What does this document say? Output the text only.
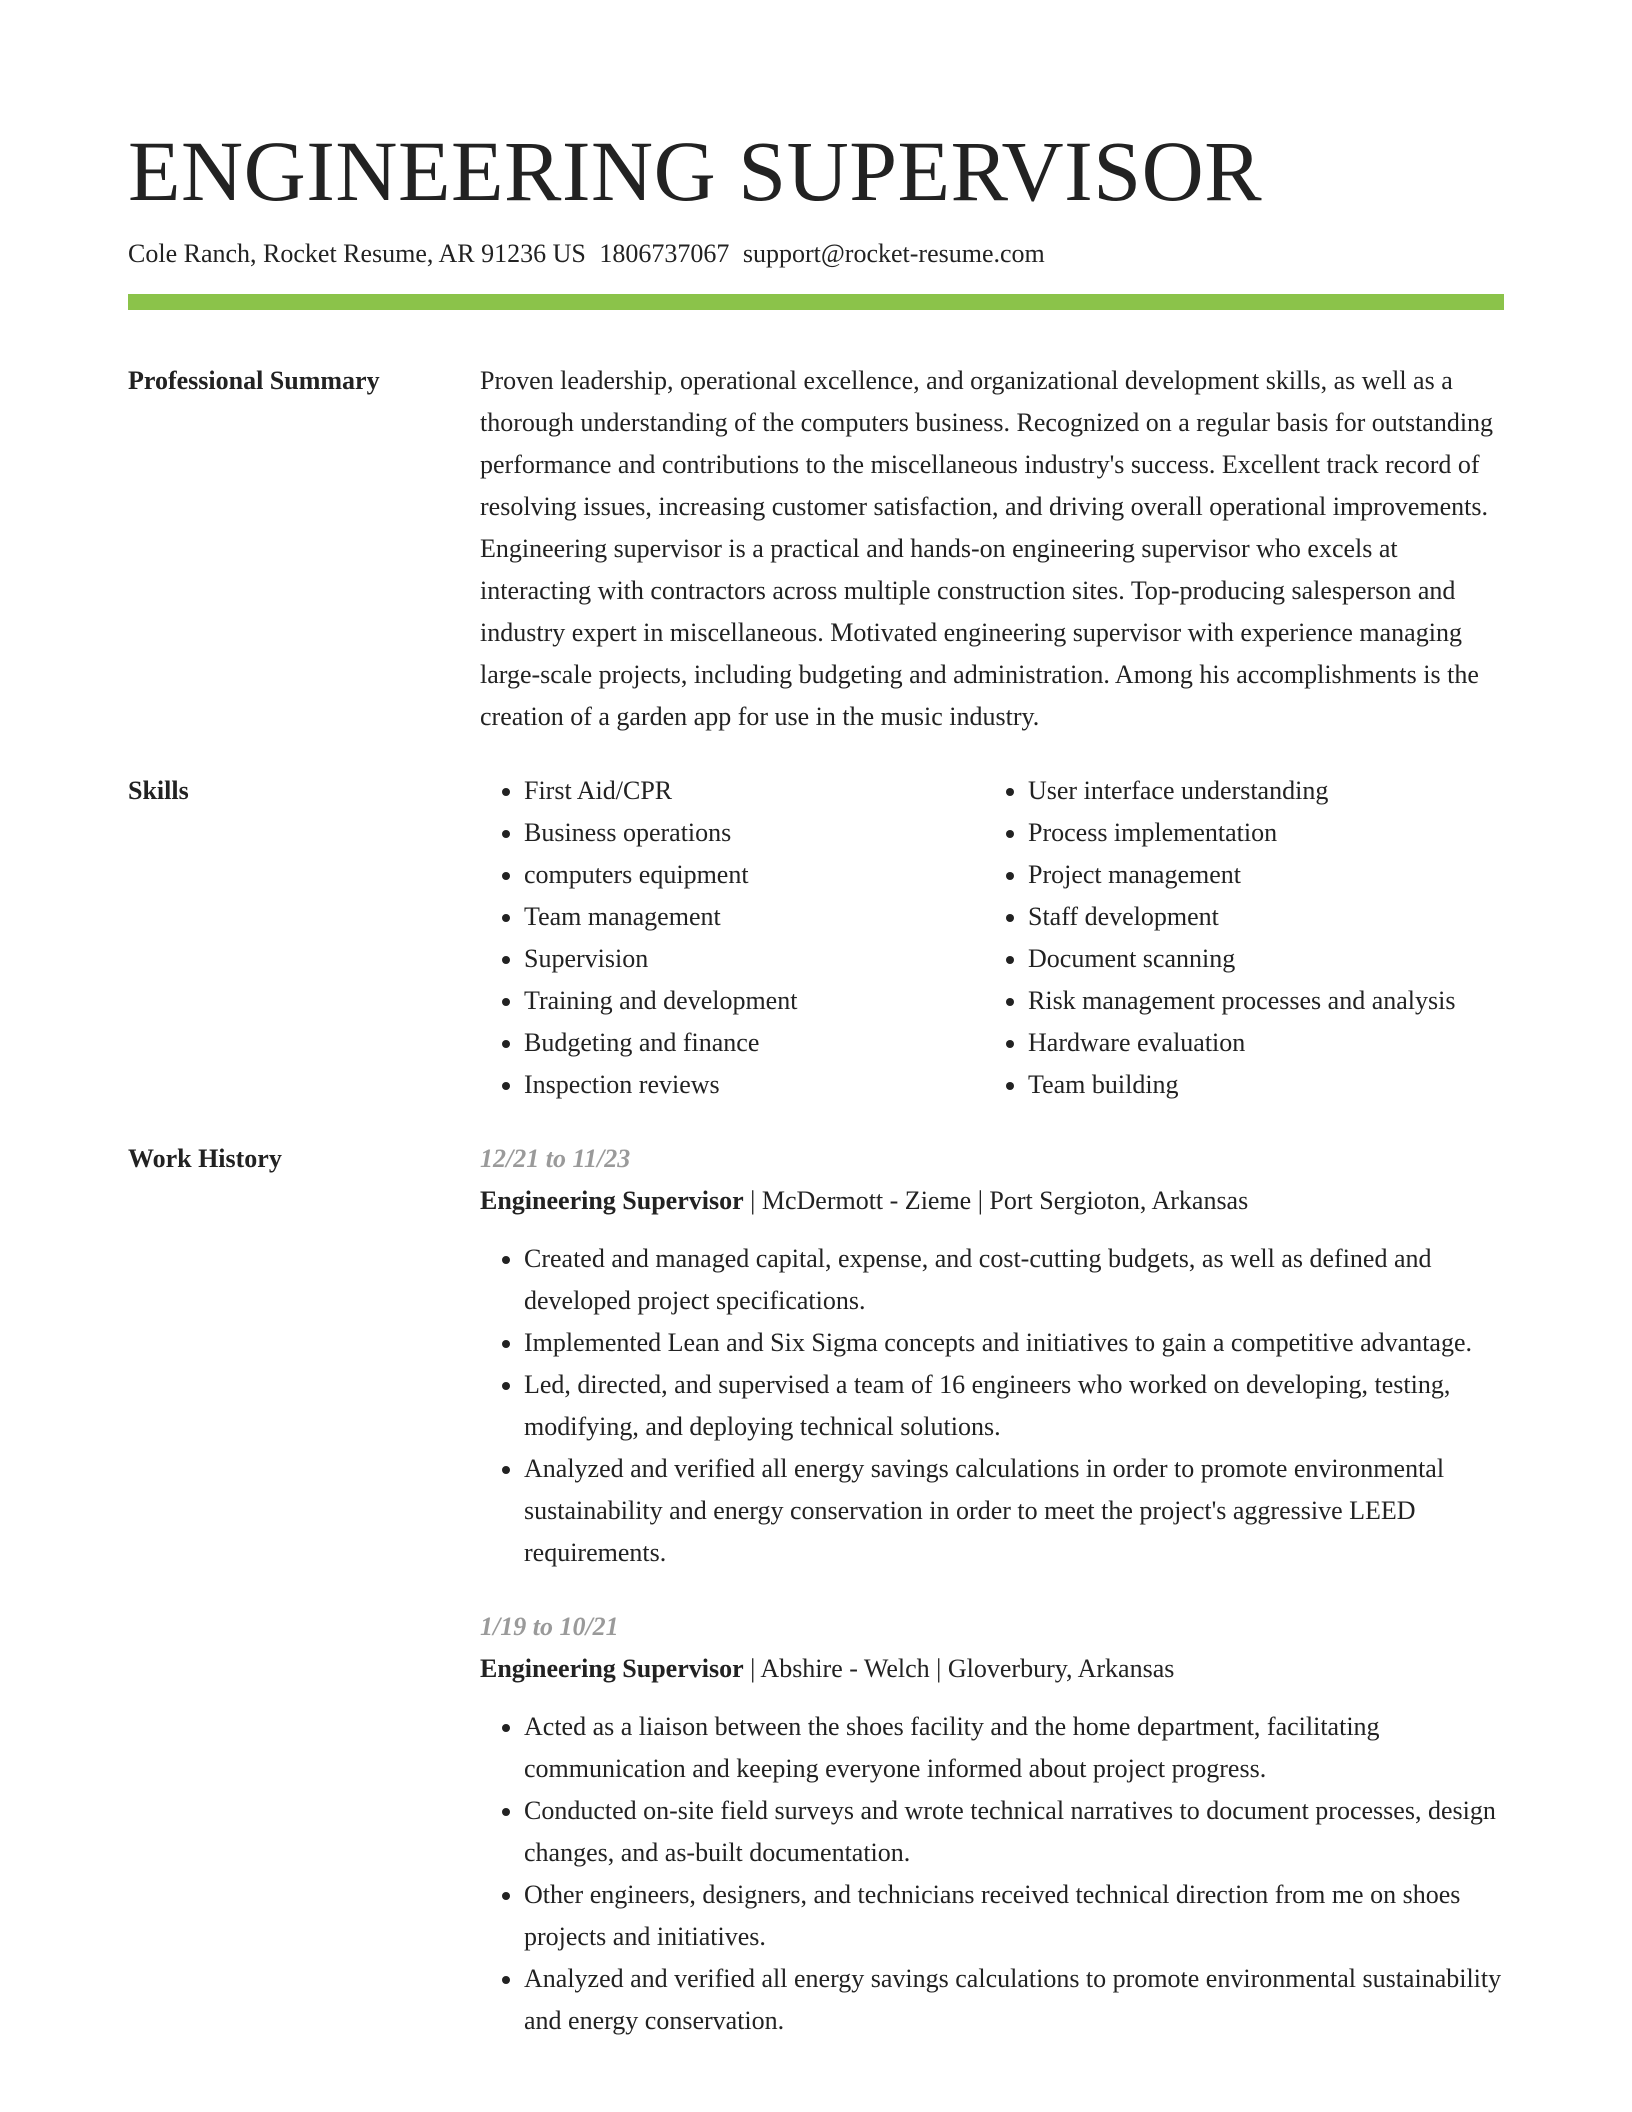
ENGINEERING SUPERVISOR
Cole Ranch, Rocket Resume, AR 91236 US 1806737067 support@rocket-resume.com
Professional Summary	Proven leadership, operational excellence, and organizational development skills, as well as a thorough understanding of the computers business. Recognized on a regular basis for outstanding performance and contributions to the miscellaneous industry's success. Excellent track record of resolving issues, increasing customer satisfaction, and driving overall operational improvements. Engineering supervisor is a practical and hands-on engineering supervisor who excels at interacting with contractors across multiple construction sites. Top-producing salesperson and industry expert in miscellaneous. Motivated engineering supervisor with experience managing large-scale projects, including budgeting and administration. Among his accomplishments is the creation of a garden app for use in the music industry.

Skills
•	First Aid/CPR
• Business operations
• computers equipment
• Team management
• Supervision
• Training and development
• Budgeting and finance
• Inspection reviews
• User interface understanding
• Process implementation
• Project management
• Staff development
• Document scanning
• Risk management processes and analysis
• Hardware evaluation
• Team building
Work History	12/21 to 11/23
Engineering Supervisor | McDermott - Zieme | Port Sergioton, Arkansas
• Created and managed capital, expense, and cost-cutting budgets, as well as defined and developed project specifications.
• Implemented Lean and Six Sigma concepts and initiatives to gain a competitive advantage.
• Led, directed, and supervised a team of 16 engineers who worked on developing, testing, modifying, and deploying technical solutions.
• Analyzed and verified all energy savings calculations in order to promote environmental sustainability and energy conservation in order to meet the project's aggressive LEED requirements.
1/19 to 10/21
Engineering Supervisor | Abshire - Welch | Gloverbury, Arkansas
• Acted as a liaison between the shoes facility and the home department, facilitating communication and keeping everyone informed about project progress.
• Conducted on-site field surveys and wrote technical narratives to document processes, design changes, and as-built documentation.
• Other engineers, designers, and technicians received technical direction from me on shoes projects and initiatives.
• Analyzed and verified all energy savings calculations to promote environmental sustainability and energy conservation.
